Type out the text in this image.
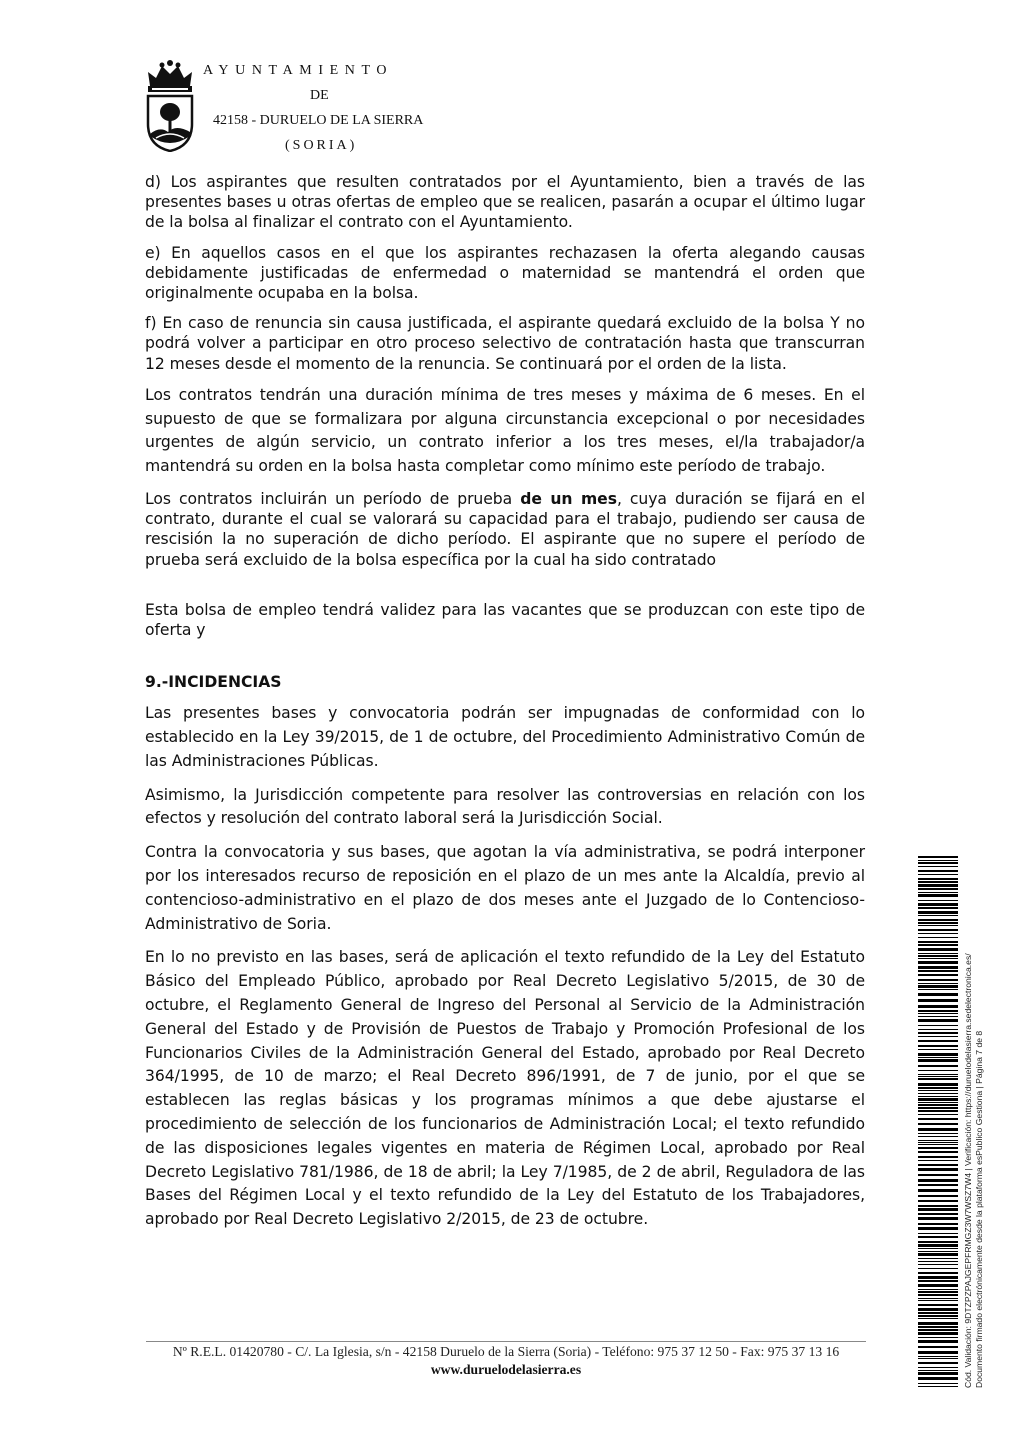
AYUNTAMIENTO
DE
42158 - DURUELO DE LA SIERRA
(SORIA)

d) Los aspirantes que resulten contratados por el Ayuntamiento, bien a través de las presentes bases u otras ofertas de empleo que se realicen, pasarán a ocupar el último lugar de la bolsa al finalizar el contrato con el Ayuntamiento.

e) En aquellos casos en el que los aspirantes rechazasen la oferta alegando causas debidamente justificadas de enfermedad o maternidad se mantendrá el orden que originalmente ocupaba en la bolsa.

f) En caso de renuncia sin causa justificada, el aspirante quedará excluido de la bolsa Y no podrá volver a participar en otro proceso selectivo de contratación hasta que transcurran 12 meses desde el momento de la renuncia. Se continuará por el orden de la lista.

Los contratos tendrán una duración mínima de tres meses y máxima de 6 meses. En el supuesto de que se formalizara por alguna circunstancia excepcional o por necesidades urgentes de algún servicio, un contrato inferior a los tres meses, el/la trabajador/a mantendrá su orden en la bolsa hasta completar como mínimo este período de trabajo.

Los contratos incluirán un período de prueba de un mes, cuya duración se fijará en el contrato, durante el cual se valorará su capacidad para el trabajo, pudiendo ser causa de rescisión la no superación de dicho período. El aspirante que no supere el período de prueba será excluido de la bolsa específica por la cual ha sido contratado

Esta bolsa de empleo tendrá validez para las vacantes que se produzcan con este tipo de oferta y

9.-INCIDENCIAS

Las presentes bases y convocatoria podrán ser impugnadas de conformidad con lo establecido en la Ley 39/2015, de 1 de octubre, del Procedimiento Administrativo Común de las Administraciones Públicas.

Asimismo, la Jurisdicción competente para resolver las controversias en relación con los efectos y resolución del contrato laboral será la Jurisdicción Social.

Contra la convocatoria y sus bases, que agotan la vía administrativa, se podrá interponer por los interesados recurso de reposición en el plazo de un mes ante la Alcaldía, previo al contencioso-administrativo en el plazo de dos meses ante el Juzgado de lo Contencioso-Administrativo de Soria.

En lo no previsto en las bases, será de aplicación el texto refundido de la Ley del Estatuto Básico del Empleado Público, aprobado por Real Decreto Legislativo 5/2015, de 30 de octubre, el Reglamento General de Ingreso del Personal al Servicio de la Administración General del Estado y de Provisión de Puestos de Trabajo y Promoción Profesional de los Funcionarios Civiles de la Administración General del Estado, aprobado por Real Decreto 364/1995, de 10 de marzo; el Real Decreto 896/1991, de 7 de junio, por el que se establecen las reglas básicas y los programas mínimos a que debe ajustarse el procedimiento de selección de los funcionarios de Administración Local; el texto refundido de las disposiciones legales vigentes en materia de Régimen Local, aprobado por Real Decreto Legislativo 781/1986, de 18 de abril; la Ley 7/1985, de 2 de abril, Reguladora de las Bases del Régimen Local y el texto refundido de la Ley del Estatuto de los Trabajadores, aprobado por Real Decreto Legislativo 2/2015, de 23 de octubre.

Nº R.E.L. 01420780 - C/. La Iglesia, s/n - 42158 Duruelo de la Sierra (Soria) - Teléfono: 975 37 12 50 - Fax: 975 37 13 16
www.duruelodelasierra.es	Cód. Validación: 9DTZPZPAJGEPFRMGZ3W7WSZ7W4 | Verificación: https://duruelodelasierra.sedelectronica.es/ Documento firmado electrónicamente desde la plataforma esPublico Gestiona | Página 7 de 8
